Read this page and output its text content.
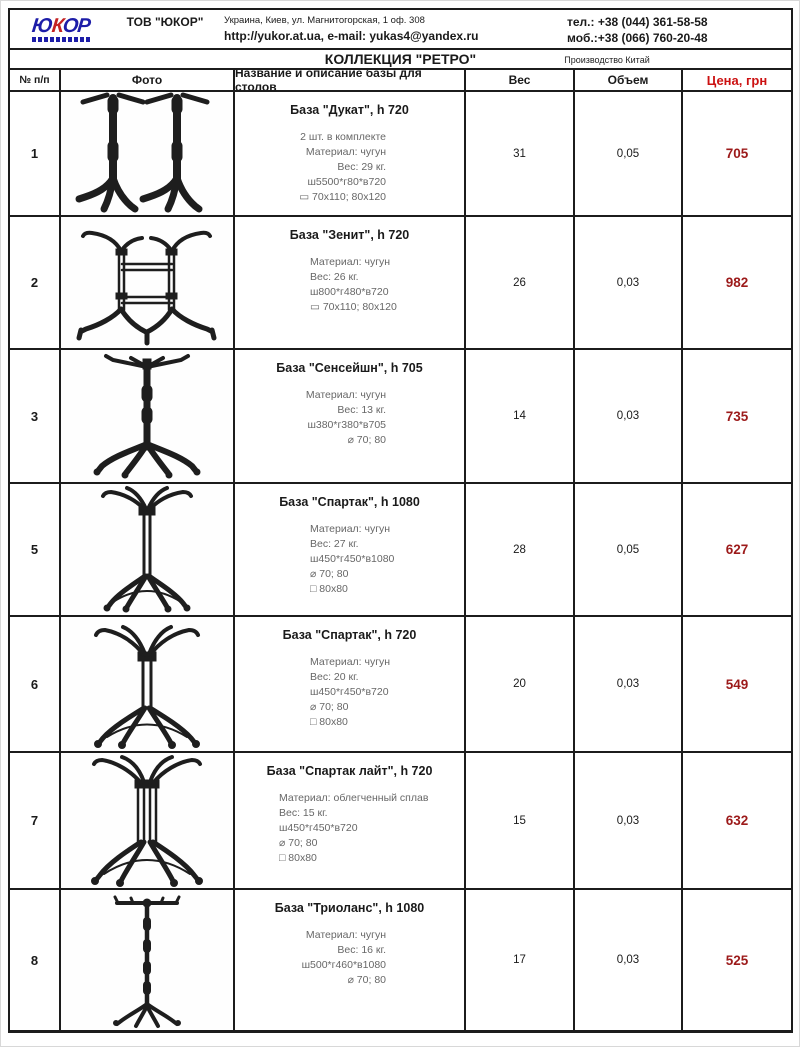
ЮКОР	ТОВ "ЮКОР"	Украина, Киев, ул. Магнитогорская, 1 оф. 308
http://yukor.at.ua, e-mail: yukas4@yandex.ru
тел.: +38 (044) 361-58-58
моб.:+38 (066) 760-20-48
КОЛЛЕКЦИЯ "РЕТРО"	Производство Китай
№ п/п	Фото	Название и описание базы для столов	Вес	Объем	Цена, грн
1
База "Дукат", h 720
2 шт. в комплекте
Материал: чугун
Вес: 29 кг.
ш5500*г80*в720
▭ 70x110; 80x120
31	0,05	705
2
База "Зенит", h 720
Материал: чугун
Вес: 26 кг.
ш800*г480*в720
▭ 70x110; 80x120
26	0,03	982
3
База "Сенсейшн", h 705
Материал: чугун
Вес: 13 кг.
ш380*г380*в705
⌀ 70; 80
14	0,03	735
5
База "Спартак", h 1080
Материал: чугун
Вес: 27 кг.
ш450*г450*в1080
⌀ 70; 80
□ 80x80
28	0,05	627
6
База "Спартак", h 720
Материал: чугун
Вес: 20 кг.
ш450*г450*в720
⌀ 70; 80
□ 80x80
20	0,03	549
7
База "Спартак лайт", h 720
Материал: облегченный сплав
Вес: 15 кг.
ш450*г450*в720
⌀ 70; 80
□ 80x80
15	0,03	632
8
База "Триоланс", h 1080
Материал: чугун
Вес: 16 кг.
ш500*г460*в1080
⌀ 70; 80
17	0,03	525
